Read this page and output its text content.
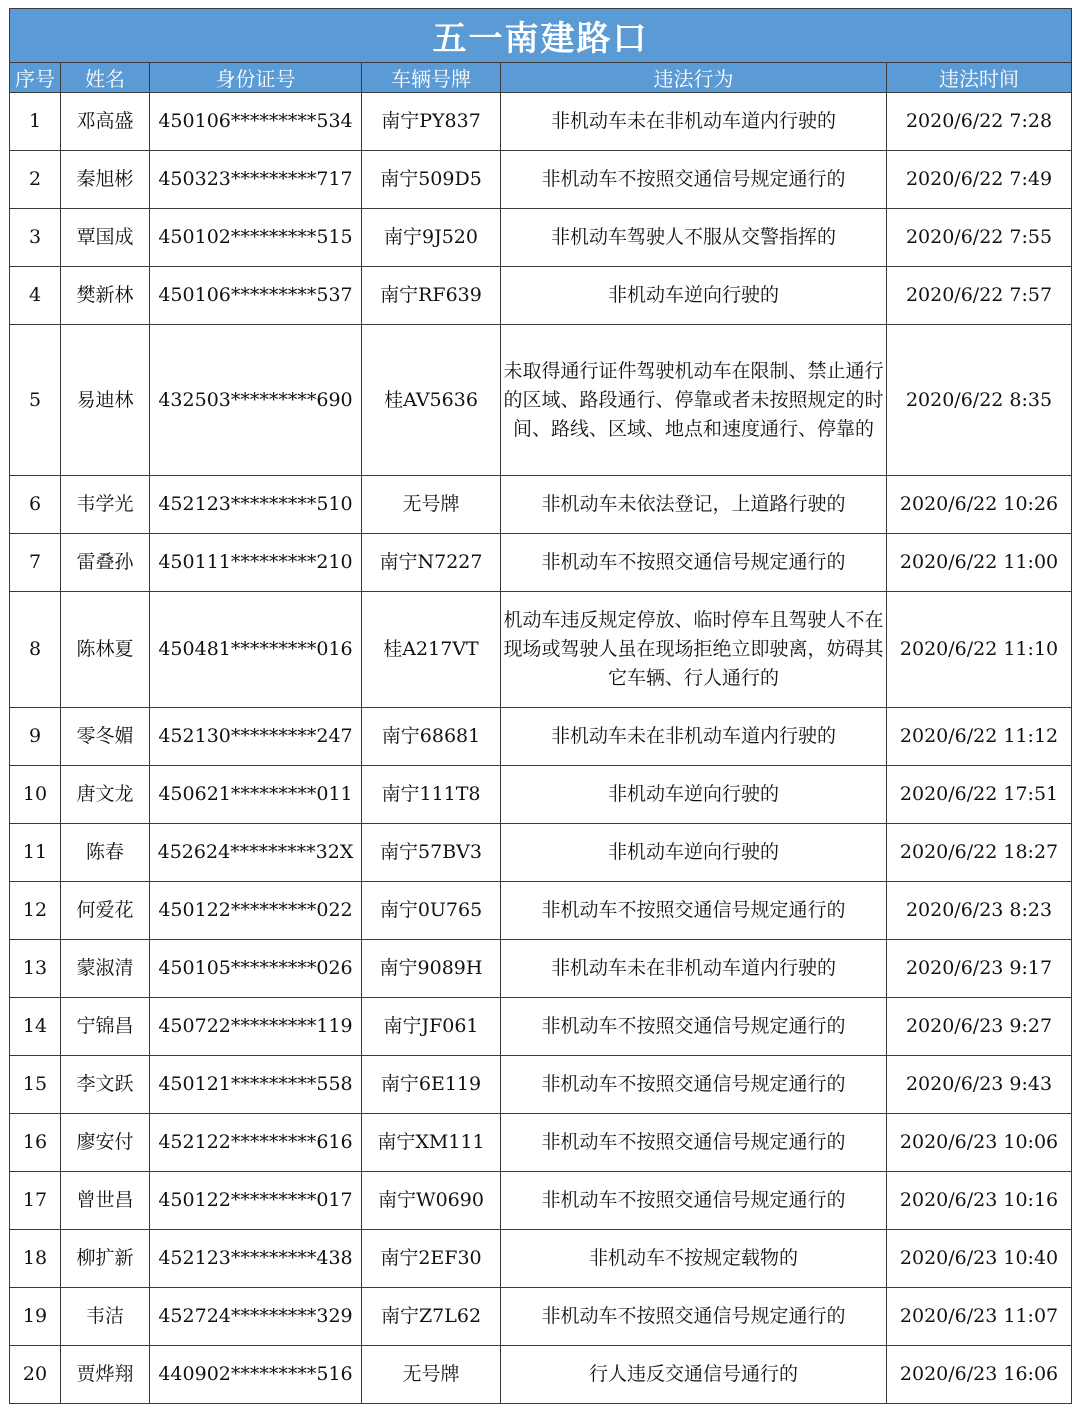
五一南建路口					
序号	姓名	身份证号	车辆号牌	违法行为	违法时间
1	邓高盛	450106*********534	南宁PY837	非机动车未在非机动车道内行驶的	2020/6/22 7:28
2	秦旭彬	450323*********717	南宁509D5	非机动车不按照交通信号规定通行的	2020/6/22 7:49
3	覃国成	450102*********515	南宁9J520	非机动车驾驶人不服从交警指挥的	2020/6/22 7:55
4	樊新林	450106*********537	南宁RF639	非机动车逆向行驶的	2020/6/22 7:57
5	易迪林	432503*********690	桂AV5636	未取得通行证件驾驶机动车在限制、禁止通行的区域、路段通行、停靠或者未按照规定的时间、路线、区域、地点和速度通行、停靠的	2020/6/22 8:35
6	韦学光	452123*********510	无号牌	非机动车未依法登记，上道路行驶的	2020/6/22 10:26
7	雷叠孙	450111*********210	南宁N7227	非机动车不按照交通信号规定通行的	2020/6/22 11:00
8	陈林夏	450481*********016	桂A217VT	机动车违反规定停放、临时停车且驾驶人不在现场或驾驶人虽在现场拒绝立即驶离，妨碍其它车辆、行人通行的	2020/6/22 11:10
9	零冬媚	452130*********247	南宁68681	非机动车未在非机动车道内行驶的	2020/6/22 11:12
10	唐文龙	450621*********011	南宁111T8	非机动车逆向行驶的	2020/6/22 17:51
11	陈春	452624*********32X	南宁57BV3	非机动车逆向行驶的	2020/6/22 18:27
12	何爱花	450122*********022	南宁0U765	非机动车不按照交通信号规定通行的	2020/6/23 8:23
13	蒙淑清	450105*********026	南宁9089H	非机动车未在非机动车道内行驶的	2020/6/23 9:17
14	宁锦昌	450722*********119	南宁JF061	非机动车不按照交通信号规定通行的	2020/6/23 9:27
15	李文跃	450121*********558	南宁6E119	非机动车不按照交通信号规定通行的	2020/6/23 9:43
16	廖安付	452122*********616	南宁XM111	非机动车不按照交通信号规定通行的	2020/6/23 10:06
17	曾世昌	450122*********017	南宁W0690	非机动车不按照交通信号规定通行的	2020/6/23 10:16
18	柳扩新	452123*********438	南宁2EF30	非机动车不按规定载物的	2020/6/23 10:40
19	韦洁	452724*********329	南宁Z7L62	非机动车不按照交通信号规定通行的	2020/6/23 11:07
20	贾烨翔	440902*********516	无号牌	行人违反交通信号通行的	2020/6/23 16:06
